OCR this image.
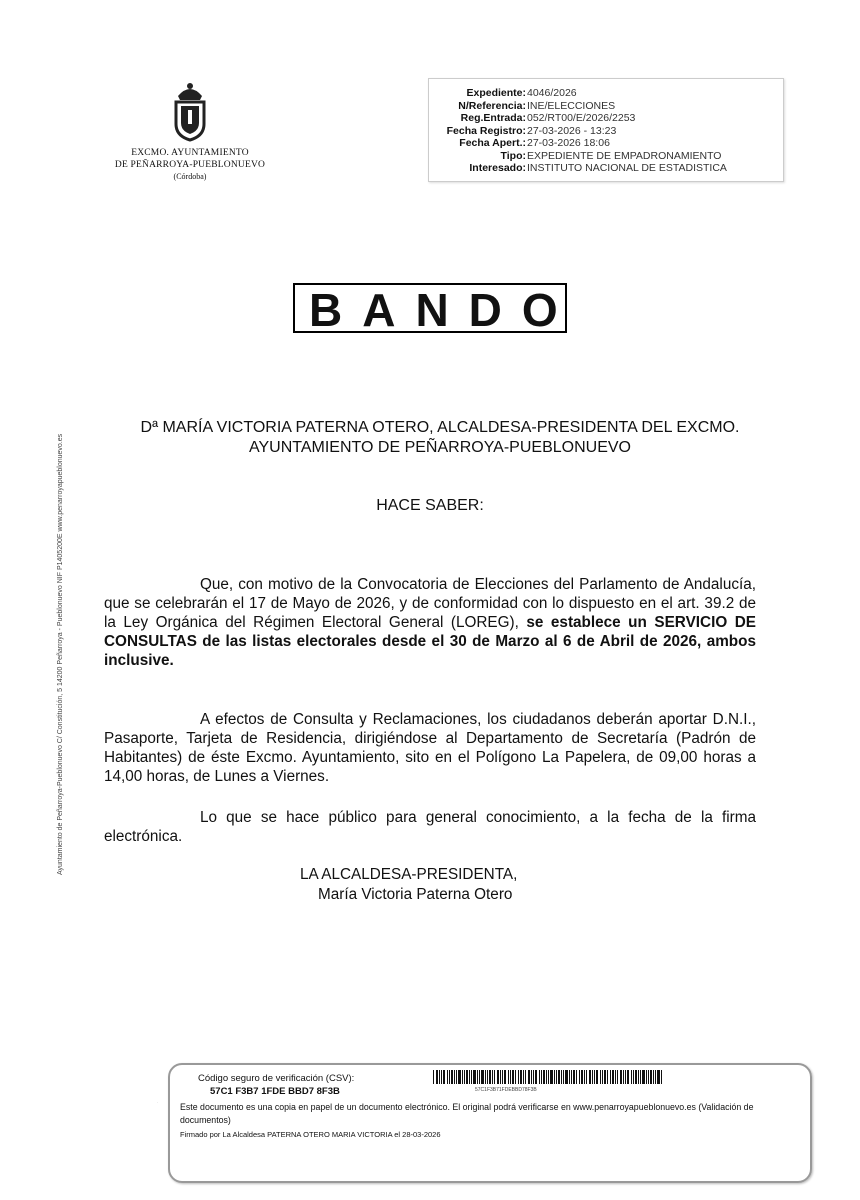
EXCMO. AYUNTAMIENTO
DE PEÑARROYA-PUEBLONUEVO
(Córdoba)
Expediente: 4046/2026
N/Referencia: INE/ELECCIONES
Reg.Entrada: 052/RT00/E/2026/2253
Fecha Registro: 27-03-2026 - 13:23
Fecha Apert.: 27-03-2026 18:06
Tipo: EXPEDIENTE DE EMPADRONAMIENTO
Interesado: INSTITUTO NACIONAL DE ESTADISTICA
Ayuntamiento de Peñarroya-Pueblonuevo C/ Constitución, 5 14200 Peñarroya - Pueblonuevo NIF P1405200E www.penarroyapueblonuevo.es
BANDO
Dª MARÍA VICTORIA PATERNA OTERO, ALCALDESA-PRESIDENTA DEL EXCMO. AYUNTAMIENTO DE PEÑARROYA-PUEBLONUEVO
HACE SABER:
Que, con motivo de la Convocatoria de Elecciones del Parlamento de Andalucía, que se celebrarán el 17 de Mayo de 2026, y de conformidad con lo dispuesto en el art. 39.2 de la Ley Orgánica del Régimen Electoral General (LOREG), se establece un SERVICIO DE CONSULTAS de las listas electorales desde el 30 de Marzo al 6 de Abril de 2026, ambos inclusive.
A efectos de Consulta y Reclamaciones, los ciudadanos deberán aportar D.N.I., Pasaporte, Tarjeta de Residencia, dirigiéndose al Departamento de Secretaría (Padrón de Habitantes) de éste Excmo. Ayuntamiento, sito en el Polígono La Papelera, de 09,00 horas a 14,00 horas, de Lunes a Viernes.
Lo que se hace público para general conocimiento, a la fecha de la firma electrónica.
LA ALCALDESA-PRESIDENTA,
María Victoria Paterna Otero
.
Código seguro de verificación (CSV):
57C1 F3B7 1FDE BBD7 8F3B	57C1F3B71FDEBBD78F3B
Este documento es una copia en papel de un documento electrónico. El original podrá verificarse en www.penarroyapueblonuevo.es (Validación de documentos)
Firmado por La Alcaldesa PATERNA OTERO MARIA VICTORIA el 28-03-2026
